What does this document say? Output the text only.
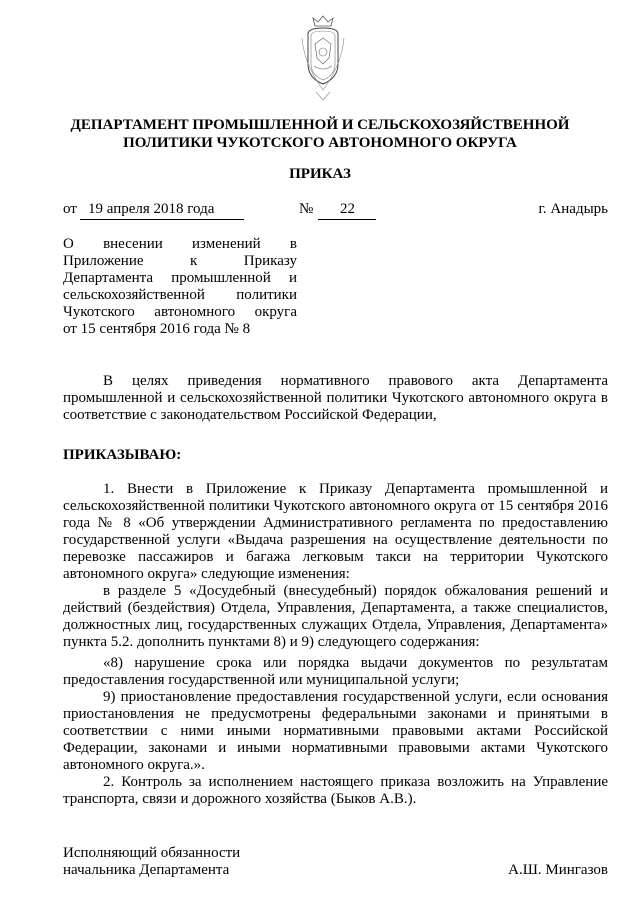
ДЕПАРТАМЕНТ ПРОМЫШЛЕННОЙ И СЕЛЬСКОХОЗЯЙСТВЕННОЙ
ПОЛИТИКИ ЧУКОТСКОГО АВТОНОМНОГО ОКРУГА
ПРИКАЗ
от 19 апреля 2018 года	№ 22	г. Анадырь
О внесении изменений в
Приложение к Приказу
Департамента промышленной и
сельскохозяйственной политики
Чукотского автономного округа
от 15 сентября 2016 года № 8
В целях приведения нормативного правового акта Департамента промышленной и сельскохозяйственной политики Чукотского автономного округа в соответствие с законодательством Российской Федерации,
ПРИКАЗЫВАЮ:
1. Внести в Приложение к Приказу Департамента промышленной и сельскохозяйственной политики Чукотского автономного округа от 15 сентября 2016 года № 8 «Об утверждении Административного регламента по предоставлению государственной услуги «Выдача разрешения на осуществление деятельности по перевозке пассажиров и багажа легковым такси на территории Чукотского автономного округа» следующие изменения:
в разделе 5 «Досудебный (внесудебный) порядок обжалования решений и действий (бездействия) Отдела, Управления, Департамента, а также специалистов, должностных лиц, государственных служащих Отдела, Управления, Департамента» пункта 5.2. дополнить пунктами 8) и 9) следующего содержания:
«8) нарушение срока или порядка выдачи документов по результатам предоставления государственной или муниципальной услуги;
9) приостановление предоставления государственной услуги, если основания приостановления не предусмотрены федеральными законами и принятыми в соответствии с ними иными нормативными правовыми актами Российской Федерации, законами и иными нормативными правовыми актами Чукотского автономного округа.».
2. Контроль за исполнением настоящего приказа возложить на Управление транспорта, связи и дорожного хозяйства (Быков А.В.).
Исполняющий обязанности
начальника Департамента	А.Ш. Мингазов
